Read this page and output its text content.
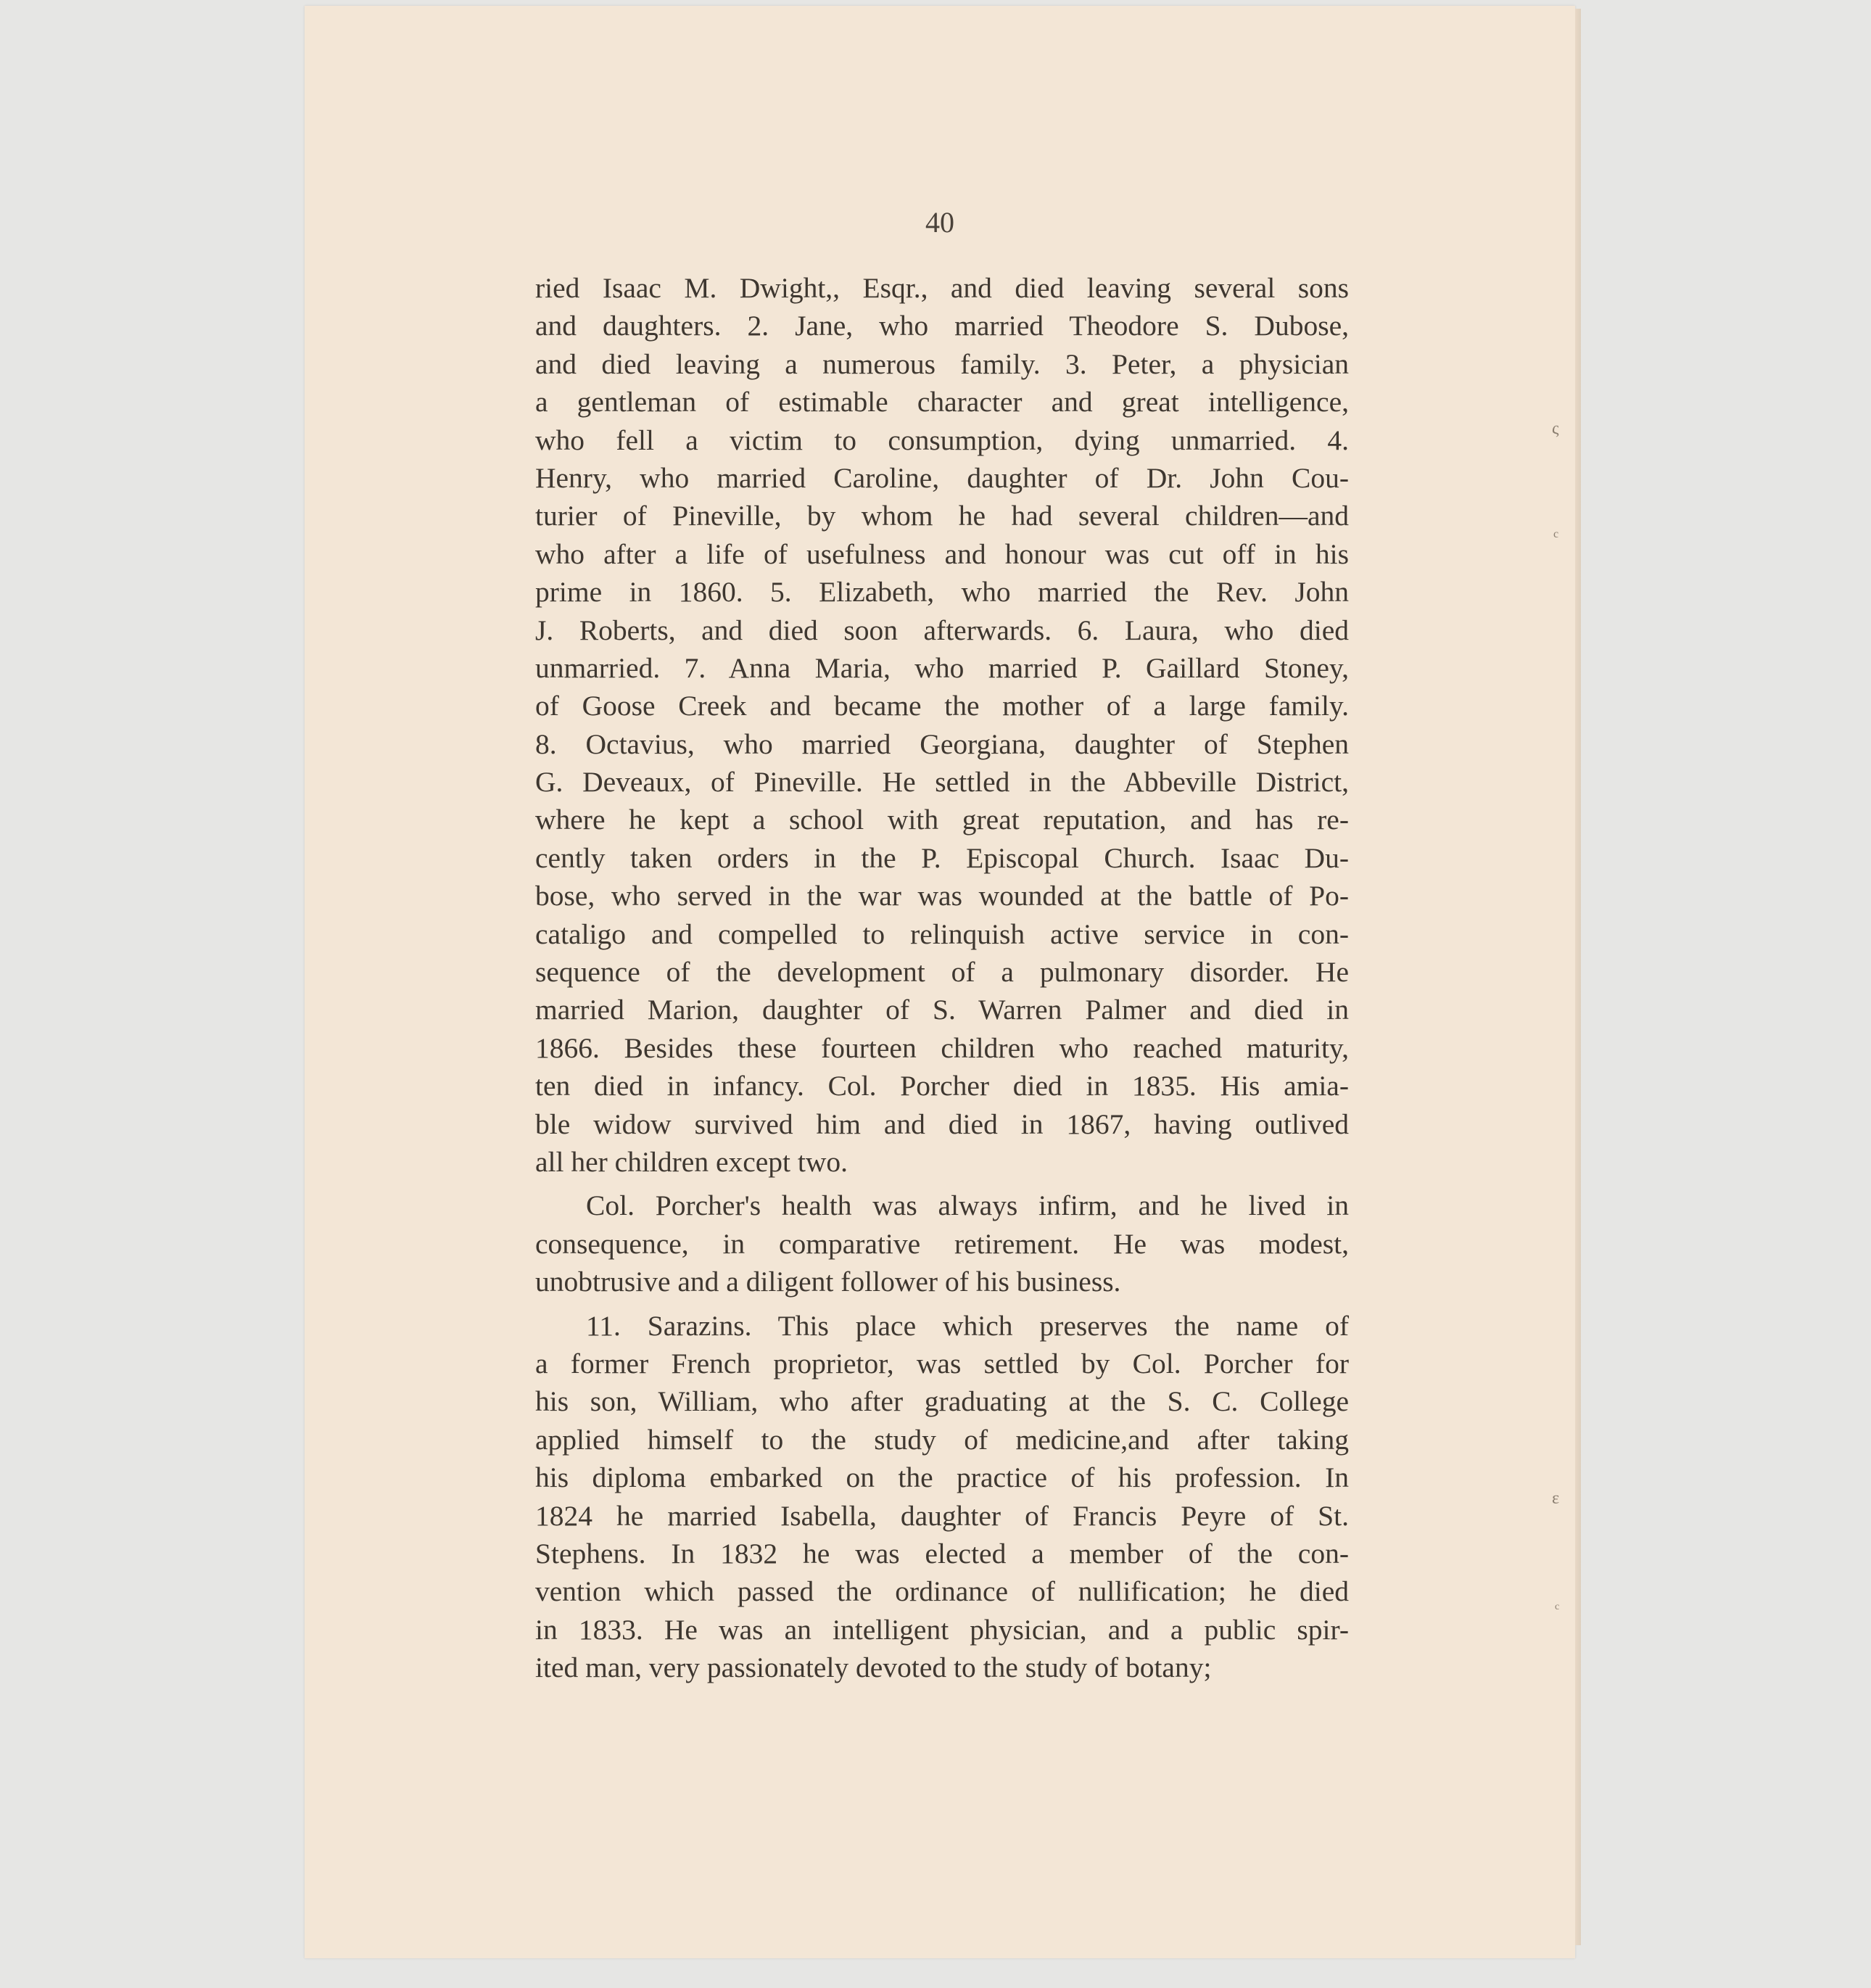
40
ried Isaac M. Dwight,, Esqr., and died leaving several sons
and daughters. 2. Jane, who married Theodore S. Dubose,
and died leaving a numerous family. 3. Peter, a physician
a gentleman of estimable character and great intelligence,
who fell a victim to consumption, dying unmarried. 4.
Henry, who married Caroline, daughter of Dr. John Cou-
turier of Pineville, by whom he had several children—and
who after a life of usefulness and honour was cut off in his
prime in 1860. 5. Elizabeth, who married the Rev. John
J. Roberts, and died soon afterwards. 6. Laura, who died
unmarried. 7. Anna Maria, who married P. Gaillard Stoney,
of Goose Creek and became the mother of a large family.
8. Octavius, who married Georgiana, daughter of Stephen
G. Deveaux, of Pineville. He settled in the Abbeville District,
where he kept a school with great reputation, and has re-
cently taken orders in the P. Episcopal Church. Isaac Du-
bose, who served in the war was wounded at the battle of Po-
cataligo and compelled to relinquish active service in con-
sequence of the development of a pulmonary disorder. He
married Marion, daughter of S. Warren Palmer and died in
1866. Besides these fourteen children who reached maturity,
ten died in infancy. Col. Porcher died in 1835. His amia-
ble widow survived him and died in 1867, having outlived
all her children except two.
Col. Porcher's health was always infirm, and he lived in
consequence, in comparative retirement. He was modest,
unobtrusive and a diligent follower of his business.
11. Sarazins. This place which preserves the name of
a former French proprietor, was settled by Col. Porcher for
his son, William, who after graduating at the S. C. College
applied himself to the study of medicine,and after taking
his diploma embarked on the practice of his profession. In
1824 he married Isabella, daughter of Francis Peyre of St.
Stephens. In 1832 he was elected a member of the con-
vention which passed the ordinance of nullification; he died
in 1833. He was an intelligent physician, and a public spir-
ited man, very passionately devoted to the study of botany;
ς
c
ɛ
c
